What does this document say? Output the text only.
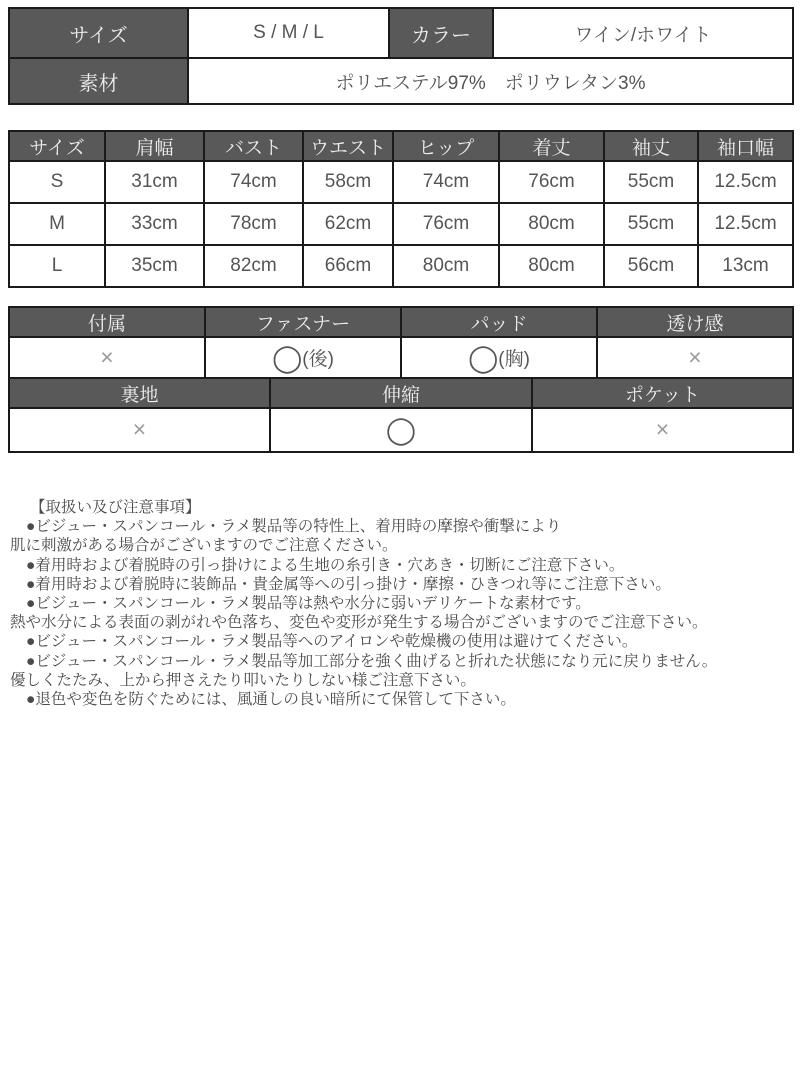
サイズ	S / M / L	カラー	ワイン/ホワイト
素材	ポリエステル97%　ポリウレタン3%		
サイズ	肩幅	バスト	ウエスト	ヒップ	着丈	袖丈	袖口幅
S	31cm	74cm	58cm	74cm	76cm	55cm	12.5cm
M	33cm	78cm	62cm	76cm	80cm	55cm	12.5cm
L	35cm	82cm	66cm	80cm	80cm	56cm	13cm
付属	ファスナー	パッド	透け感
×	◯(後)	◯(胸)	×
裏地	伸縮	ポケット
×	◯	×
【取扱い及び注意事項】
●ビジュー・スパンコール・ラメ製品等の特性上、着用時の摩擦や衝撃により
肌に刺激がある場合がございますのでご注意ください。
●着用時および着脱時の引っ掛けによる生地の糸引き・穴あき・切断にご注意下さい。
●着用時および着脱時に装飾品・貴金属等への引っ掛け・摩擦・ひきつれ等にご注意下さい。
●ビジュー・スパンコール・ラメ製品等は熱や水分に弱いデリケートな素材です。
熱や水分による表面の剥がれや色落ち、変色や変形が発生する場合がございますのでご注意下さい。
●ビジュー・スパンコール・ラメ製品等へのアイロンや乾燥機の使用は避けてください。
●ビジュー・スパンコール・ラメ製品等加工部分を強く曲げると折れた状態になり元に戻りません。
優しくたたみ、上から押さえたり叩いたりしない様ご注意下さい。
●退色や変色を防ぐためには、風通しの良い暗所にて保管して下さい。
